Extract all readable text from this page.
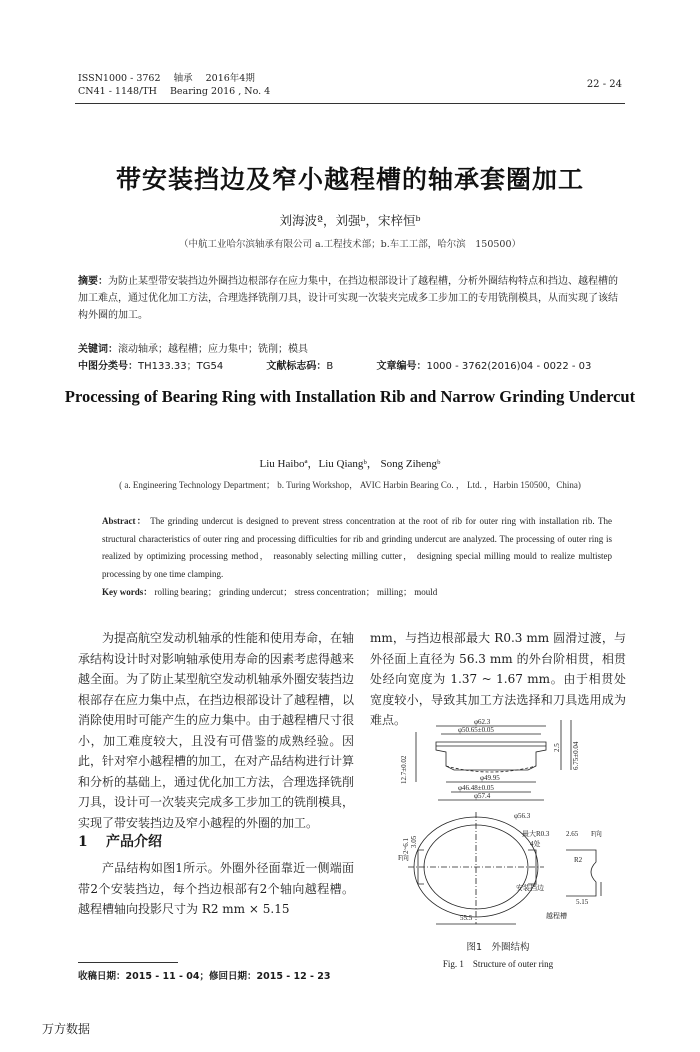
ISSN1000 - 3762 轴承 2016年4期
CN41 - 1148/TH Bearing 2016 , No. 4
22 - 24
带安装挡边及窄小越程槽的轴承套圈加工
刘海波ª，刘强ᵇ，宋梓恒ᵇ
（中航工业哈尔滨轴承有限公司 a.工程技术部；b.车工工部，哈尔滨　150500）
摘要：为防止某型带安装挡边外圈挡边根部存在应力集中，在挡边根部设计了越程槽，分析外圈结构特点和挡边、越程槽的加工难点，通过优化加工方法，合理选择铣削刀具，设计可实现一次装夹完成多工步加工的专用铣削模具，从而实现了该结构外圈的加工。
关键词：滚动轴承；越程槽；应力集中；铣削；模具
中图分类号：TH133.33；TG54	文献标志码：B	文章编号：1000 - 3762(2016)04 - 0022 - 03
Processing of Bearing Ring with Installation Rib and Narrow Grinding Undercut
Liu Haiboª，Liu Qiangᵇ， Song Zihengᵇ
( a. Engineering Technology Department； b. Turing Workshop， AVIC Harbin Bearing Co. ， Ltd. ，Harbin 150500，China)
Abstract： The grinding undercut is designed to prevent stress concentration at the root of rib for outer ring with installation rib. The structural characteristics of outer ring and processing difficulties for rib and grinding undercut are analyzed. The processing of outer ring is realized by optimizing processing method， reasonably selecting milling cutter， designing special milling mould to realize multistep processing by one time clamping.
Key words： rolling bearing； grinding undercut； stress concentration； milling； mould

为提高航空发动机轴承的性能和使用寿命，在轴承结构设计时对影响轴承使用寿命的因素考虑得越来越全面。为了防止某型航空发动机轴承外圈安装挡边根部存在应力集中点，在挡边根部设计了越程槽，以消除使用时可能产生的应力集中。由于越程槽尺寸很小，加工难度较大，且没有可借鉴的成熟经验。因此，针对窄小越程槽的加工，在对产品结构进行计算和分析的基础上，通过优化加工方法，合理选择铣削刀具，设计可一次装夹完成多工步加工的铣削模具，实现了带安装挡边及窄小越程的外圈的加工。

1 产品介绍

产品结构如图1所示。外圈外径面靠近一侧端面带2个安装挡边，每个挡边根部有2个轴向越程槽。越程槽轴向投影尺寸为 R2 mm × 5.15

mm，与挡边根部最大 R0.3 mm 圆滑过渡，与外径面上直径为 56.3 mm 的外台阶相贯，相贯处经向宽度为 1.37 ~ 1.67 mm。由于相贯处宽度较小，导致其加工方法选择和刀具选用成为难点。	φ62.3
φ50.65±0.05
φ49.95
φ46.48±0.05
φ57.4
2.5 6.75±0.04
12.7±0.02
φ56.3
最大R0.3
4处
2.65 F向
F向
3.05
2~6.1
R2
安装挡边
55.5	越程槽
5.15
图1　外圈结构
Fig. 1　Structure of outer ring
收稿日期：2015 - 11 - 04；修回日期：2015 - 12 - 23
万方数据
